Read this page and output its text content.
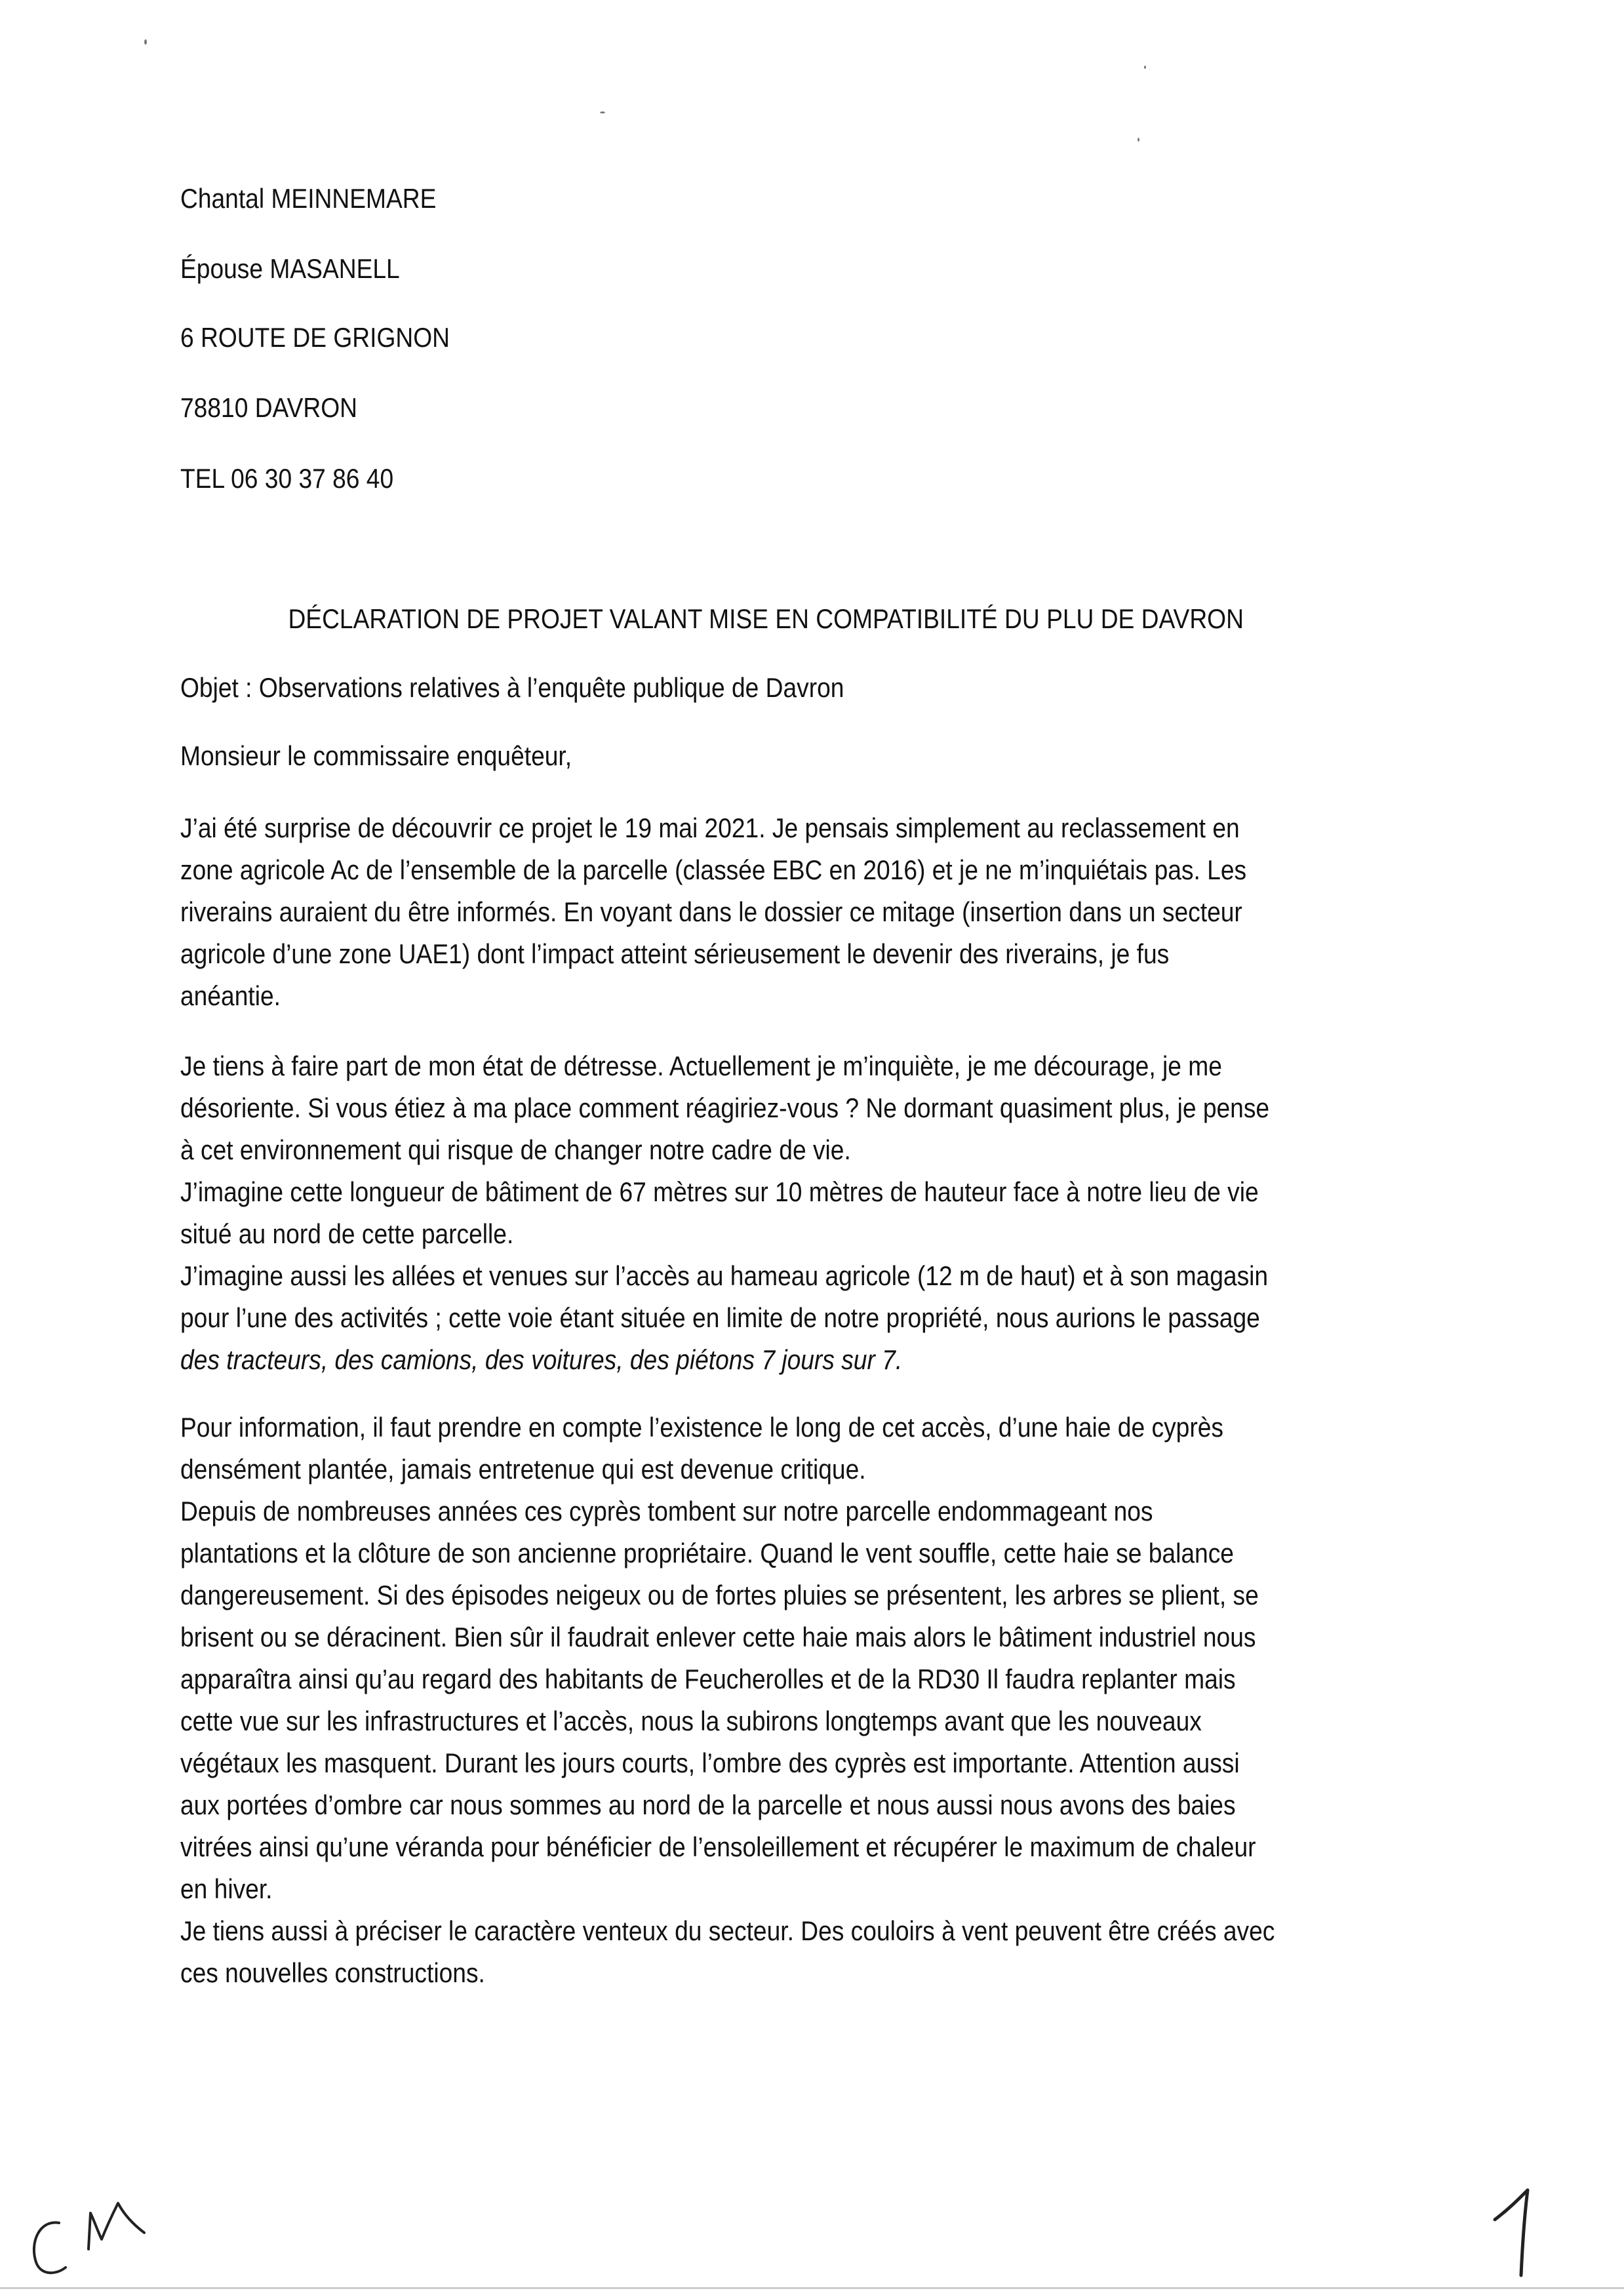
Chantal MEINNEMARE
Épouse MASANELL
6 ROUTE DE GRIGNON
78810 DAVRON
TEL 06 30 37 86 40
DÉCLARATION DE PROJET VALANT MISE EN COMPATIBILITÉ DU PLU DE DAVRON
Objet : Observations relatives à l’enquête publique de Davron
Monsieur le commissaire enquêteur,
J’ai été surprise de découvrir ce projet le 19 mai 2021. Je pensais simplement au reclassement en
zone agricole Ac de l’ensemble de la parcelle (classée EBC en 2016) et je ne m’inquiétais pas. Les
riverains auraient du être informés. En voyant dans le dossier ce mitage (insertion dans un secteur
agricole d’une zone UAE1) dont l’impact atteint sérieusement le devenir des riverains, je fus
anéantie.
Je tiens à faire part de mon état de détresse. Actuellement je m’inquiète, je me décourage, je me
désoriente. Si vous étiez à ma place comment réagiriez-vous ? Ne dormant quasiment plus, je pense
à cet environnement qui risque de changer notre cadre de vie.
J’imagine cette longueur de bâtiment de 67 mètres sur 10 mètres de hauteur face à notre lieu de vie
situé au nord de cette parcelle.
J’imagine aussi les allées et venues sur l’accès au hameau agricole (12 m de haut) et à son magasin
pour l’une des activités ; cette voie étant située en limite de notre propriété, nous aurions le passage
des tracteurs, des camions, des voitures, des piétons 7 jours sur 7.
Pour information, il faut prendre en compte l’existence le long de cet accès, d’une haie de cyprès
densément plantée, jamais entretenue qui est devenue critique.
Depuis de nombreuses années ces cyprès tombent sur notre parcelle endommageant nos
plantations et la clôture de son ancienne propriétaire. Quand le vent souffle, cette haie se balance
dangereusement. Si des épisodes neigeux ou de fortes pluies se présentent, les arbres se plient, se
brisent ou se déracinent. Bien sûr il faudrait enlever cette haie mais alors le bâtiment industriel nous
apparaîtra ainsi qu’au regard des habitants de Feucherolles et de la RD30 Il faudra replanter mais
cette vue sur les infrastructures et l’accès, nous la subirons longtemps avant que les nouveaux
végétaux les masquent. Durant les jours courts, l’ombre des cyprès est importante. Attention aussi
aux portées d’ombre car nous sommes au nord de la parcelle et nous aussi nous avons des baies
vitrées ainsi qu’une véranda pour bénéficier de l’ensoleillement et récupérer le maximum de chaleur
en hiver.
Je tiens aussi à préciser le caractère venteux du secteur. Des couloirs à vent peuvent être créés avec
ces nouvelles constructions.
